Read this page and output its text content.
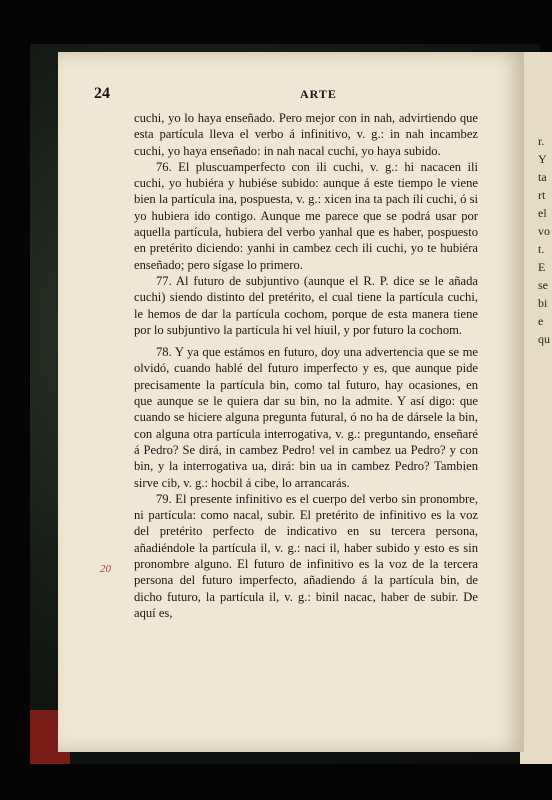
r.
Y
ta
rt
el
vo
t.
E
se
bi
e
qu
24	ARTE
20

cuchi, yo lo haya enseñado. Pero mejor con in nah, advirtiendo que esta partícula lleva el verbo á infinitivo, v. g.: in nah incambez cuchi, yo haya enseñado: in nah nacal cuchi, yo haya subido.

76. El pluscuamperfecto con ili cuchi, v. g.: hi nacacen ili cuchi, yo hubiéra y hubiése subido: aunque á este tiempo le viene bien la partícula ina, pospuesta, v. g.: xicen ina ta pach ili cuchi, ó si yo hubiera ido contigo. Aunque me parece que se podrá usar por aquella partícula, hubiera del verbo yanhal que es haber, pospuesto en pretérito diciendo: yanhi in cambez cech ili cuchi, yo te hubiéra enseñado; pero sígase lo primero.

77. Al futuro de subjuntivo (aunque el R. P. dice se le añada cuchi) siendo distinto del pretérito, el cual tiene la partícula cuchi, le hemos de dar la partícula cochom, porque de esta manera tiene por lo subjuntivo la partícula hi vel hiuil, y por futuro la cochom.

78. Y ya que estámos en futuro, doy una advertencia que se me olvidó, cuando hablé del futuro imperfecto y es, que aunque pide precisamente la partícula bin, como tal futuro, hay ocasiones, en que aunque se le quiera dar su bin, no la admite. Y así digo: que cuando se hiciere alguna pregunta futural, ó no ha de dársele la bin, con alguna otra partícula interrogativa, v. g.: preguntando, enseñaré á Pedro? Se dirá, in cambez Pedro! vel in cambez ua Pedro? y con bin, y la interrogativa ua, dirá: bin ua in cambez Pedro? Tambien sirve cib, v. g.: hocbil á cibe, lo arrancarás.

79. El presente infinitivo es el cuerpo del verbo sin pronombre, ni partícula: como nacal, subir. El pretérito de infinitivo es la voz del pretérito perfecto de indicativo en su tercera persona, añadiéndole la partícula il, v. g.: naci il, haber subido y esto es sin pronombre alguno. El futuro de infinitivo es la voz de la tercera persona del futuro imperfecto, añadiendo á la partícula bin, de dicho futuro, la partícula il, v. g.: binil nacac, haber de subir. De aquí es,
